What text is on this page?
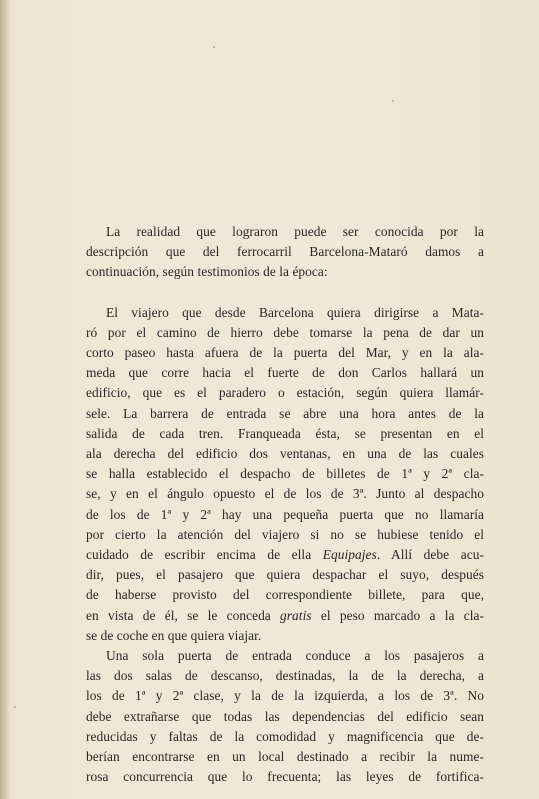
La realidad que lograron puede ser conocida por la
descripción que del ferrocarril Barcelona-Mataró damos a
continuación, según testimonios de la época:
El viajero que desde Barcelona quiera dirigirse a Mata-
ró por el camino de hierro debe tomarse la pena de dar un
corto paseo hasta afuera de la puerta del Mar, y en la ala-
meda que corre hacia el fuerte de don Carlos hallará un
edificio, que es el paradero o estación, según quiera llamár-
sele. La barrera de entrada se abre una hora antes de la
salida de cada tren. Franqueada ésta, se presentan en el
ala derecha del edificio dos ventanas, en una de las cuales
se halla establecido el despacho de billetes de 1ª y 2ª cla-
se, y en el ángulo opuesto el de los de 3ª. Junto al despacho
de los de 1ª y 2ª hay una pequeña puerta que no llamaría
por cierto la atención del viajero si no se hubiese tenido el
cuidado de escribir encima de ella Equipajes. Allí debe acu-
dir, pues, el pasajero que quiera despachar el suyo, después
de haberse provisto del correspondiente billete, para que,
en vista de él, se le conceda gratis el peso marcado a la cla-
se de coche en que quiera viajar.
Una sola puerta de entrada conduce a los pasajeros a
las dos salas de descanso, destinadas, la de la derecha, a
los de 1ª y 2ª clase, y la de la izquierda, a los de 3ª. No
debe extrañarse que todas las dependencias del edificio sean
reducidas y faltas de la comodidad y magnificencia que de-
berían encontrarse en un local destinado a recibir la nume-
rosa concurrencia que lo frecuenta; las leyes de fortifica-
